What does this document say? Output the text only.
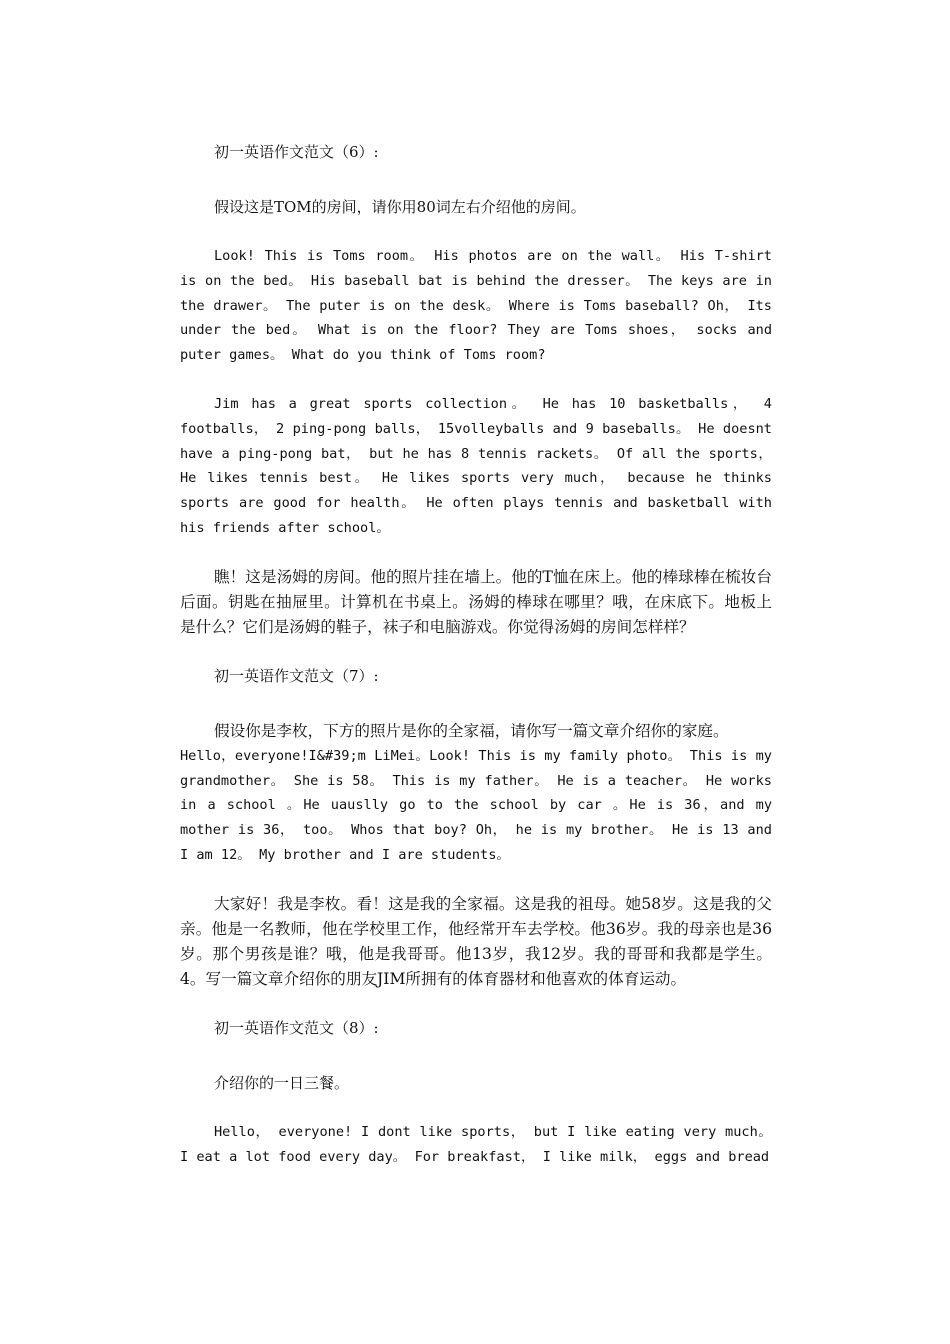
初一英语作文范文（6）:

假设这是TOM的房间，请你用80词左右介绍他的房间。

Look! This is Toms room。 His photos are on the wall。 His T-shirt is on the bed。 His baseball bat is behind the dresser。 The keys are in the drawer。 The puter is on the desk。 Where is Toms baseball? Oh， Its under the bed。 What is on the floor? They are Toms shoes， socks and puter games。 What do you think of Toms room?

Jim has a great sports collection。 He has 10 basketballs， 4 footballs， 2 ping-pong balls， 15volleyballs and 9 baseballs。 He doesnt have a ping-pong bat， but he has 8 tennis rackets。 Of all the sports， He likes tennis best。 He likes sports very much， because he thinks sports are good for health。 He often plays tennis and basketball with his friends after school。

瞧！这是汤姆的房间。他的照片挂在墙上。他的T恤在床上。他的棒球棒在梳妆台后面。钥匙在抽屉里。计算机在书桌上。汤姆的棒球在哪里？哦，在床底下。地板上是什么？它们是汤姆的鞋子，袜子和电脑游戏。你觉得汤姆的房间怎样样？

初一英语作文范文（7）:

假设你是李枚，下方的照片是你的全家福，请你写一篇文章介绍你的家庭。
Hello，everyone!I&#39;m LiMei。Look! This is my family photo。 This is my grandmother。 She is 58。 This is my father。 He is a teacher。 He works in a school 。He uauslly go to the school by car 。He is 36，and my mother is 36， too。 Whos that boy? Oh， he is my brother。 He is 13 and I am 12。 My brother and I are students。

大家好！我是李枚。看！这是我的全家福。这是我的祖母。她58岁。这是我的父亲。他是一名教师，他在学校里工作，他经常开车去学校。他36岁。我的母亲也是36岁。那个男孩是谁？哦，他是我哥哥。他13岁，我12岁。我的哥哥和我都是学生。4。写一篇文章介绍你的朋友JIM所拥有的体育器材和他喜欢的体育运动。

初一英语作文范文（8）:

介绍你的一日三餐。

Hello， everyone! I dont like sports， but I like eating very much。 I eat a lot food every day。 For breakfast， I like milk， eggs and bread
